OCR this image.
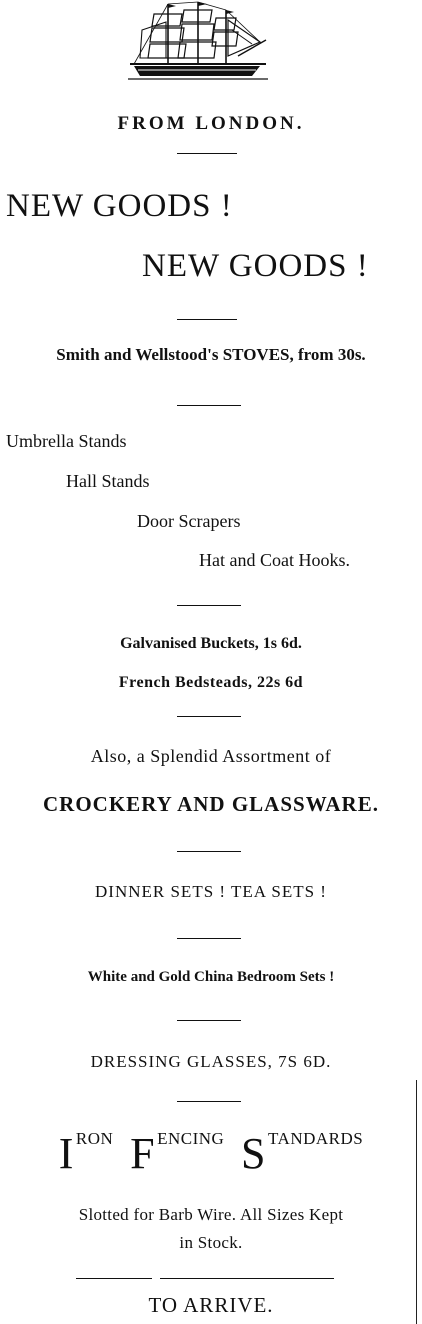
FROM LONDON.
NEW GOODS !
NEW GOODS !
Smith and Wellstood's STOVES, from 30s.
Umbrella Stands
Hall Stands
Door Scrapers
Hat and Coat Hooks.
Galvanised Buckets, 1s 6d.
French Bedsteads, 22s 6d
Also, a Splendid Assortment of
CROCKERY AND GLASSWARE.
DINNER SETS ! TEA SETS !
White and Gold China Bedroom Sets !
DRESSING GLASSES, 7S 6D.
IRON F ENCING S TANDARDS
Slotted for Barb Wire. All Sizes Kept
in Stock.
TO ARRIVE.
